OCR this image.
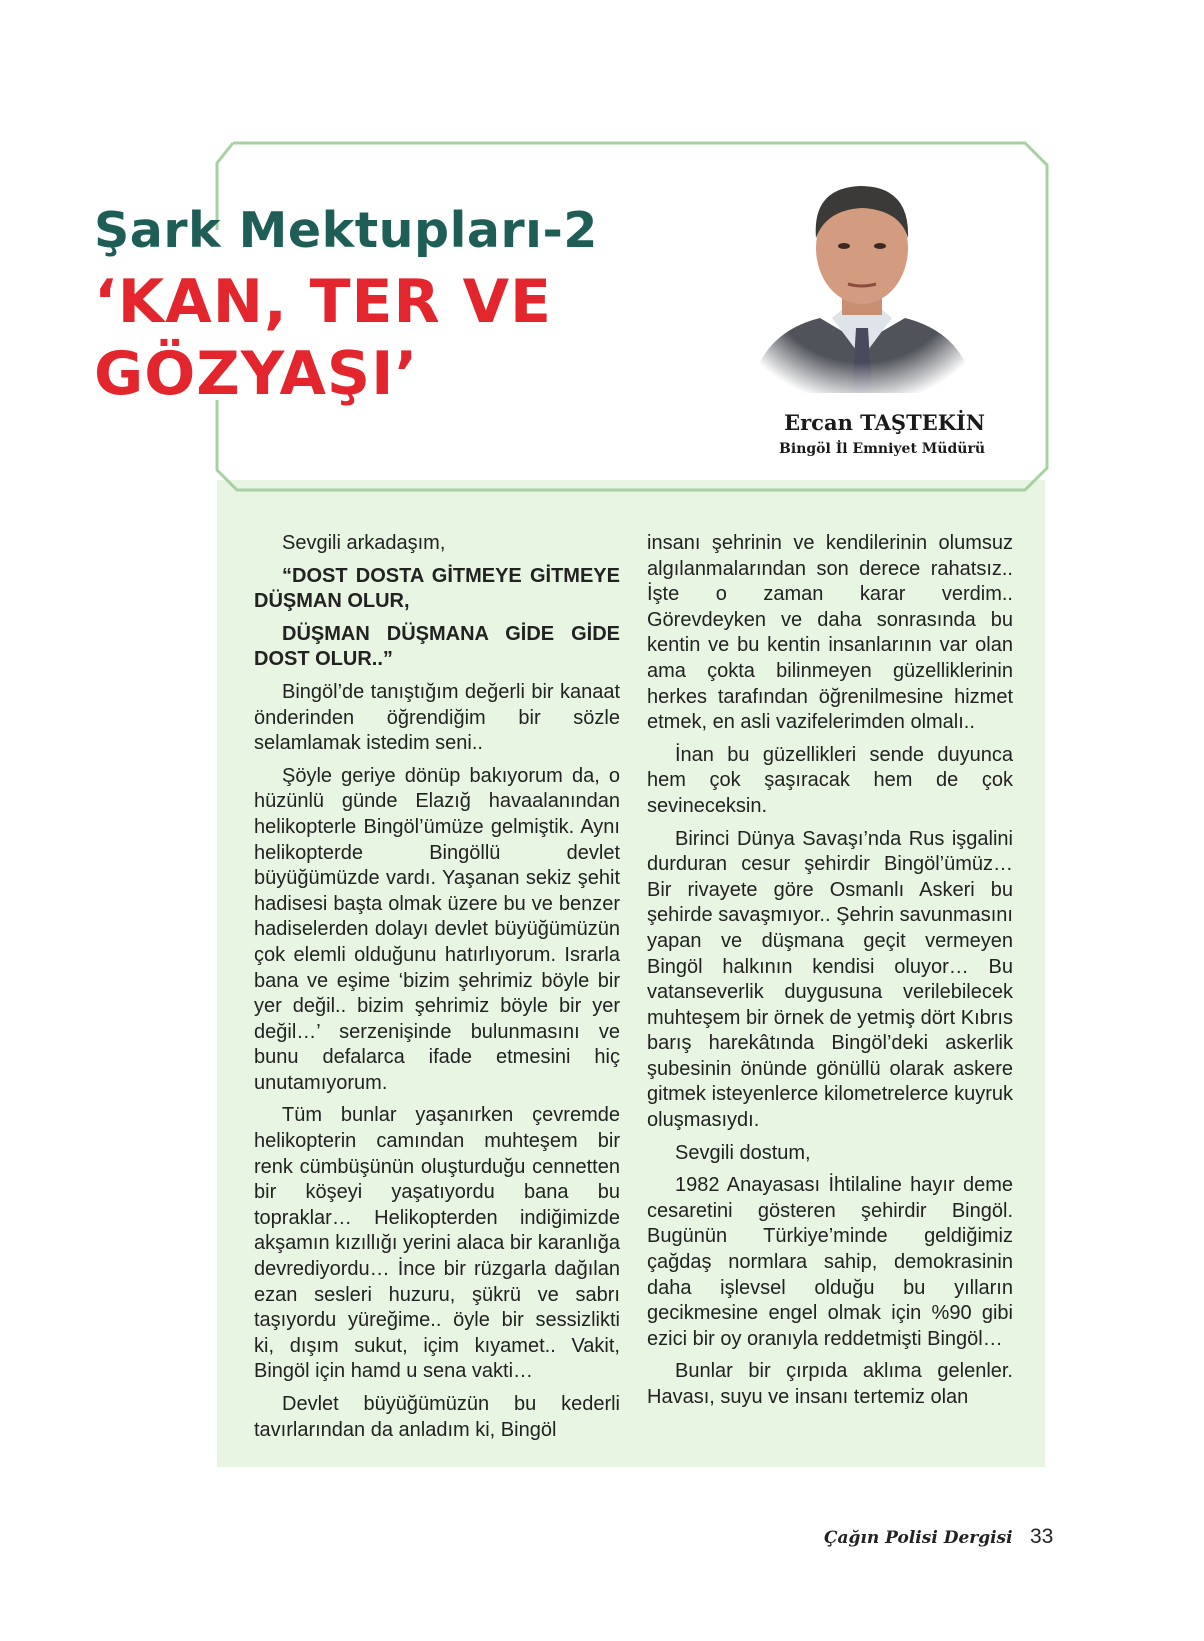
Şark Mektupları-2
‘KAN, TER VE GÖZYAŞI’
Ercan TAŞTEKİN
Bingöl İl Emniyet Müdürü

Sevgili arkadaşım,

“DOST DOSTA GİTMEYE GİTMEYE DÜŞMAN OLUR,

DÜŞMAN DÜŞMANA GİDE GİDE DOST OLUR..”

Bingöl’de tanıştığım değerli bir kanaat önderinden öğrendiğim bir sözle selamlamak istedim seni..

Şöyle geriye dönüp bakıyorum da, o hüzünlü günde Elazığ havaalanından helikopterle Bingöl’ümüze gelmiştik. Aynı helikopterde Bingöllü devlet büyüğümüzde vardı. Yaşanan sekiz şehit hadisesi başta olmak üzere bu ve benzer hadiselerden dolayı devlet büyüğümüzün çok elemli olduğunu hatırlıyorum. Israrla bana ve eşime ‘bizim şehrimiz böyle bir yer değil.. bizim şehrimiz böyle bir yer değil…’ serzenişinde bulunmasını ve bunu defalarca ifade etmesini hiç unutamıyorum.

Tüm bunlar yaşanırken çevremde helikopterin camından muhteşem bir renk cümbüşünün oluşturduğu cennetten bir köşeyi yaşatıyordu bana bu topraklar… Helikopterden indiğimizde akşamın kızıllığı yerini alaca bir karanlığa devrediyordu… İnce bir rüzgarla dağılan ezan sesleri huzuru, şükrü ve sabrı taşıyordu yüreğime.. öyle bir sessizlikti ki, dışım sukut, içim kıyamet.. Vakit, Bingöl için hamd u sena vakti…

Devlet büyüğümüzün bu kederli tavırlarından da anladım ki, Bingöl

insanı şehrinin ve kendilerinin olumsuz algılanmalarından son derece rahatsız.. İşte o zaman karar verdim.. Görevdeyken ve daha sonrasında bu kentin ve bu kentin insanlarının var olan ama çokta bilinmeyen güzelliklerinin herkes tarafından öğrenilmesine hizmet etmek, en asli vazifelerimden olmalı..

İnan bu güzellikleri sende duyunca hem çok şaşıracak hem de çok sevineceksin.

Birinci Dünya Savaşı’nda Rus işgalini durduran cesur şehirdir Bingöl’ümüz… Bir rivayete göre Osmanlı Askeri bu şehirde savaşmıyor.. Şehrin savunmasını yapan ve düşmana geçit vermeyen Bingöl halkının kendisi oluyor… Bu vatanseverlik duygusuna verilebilecek muhteşem bir örnek de yetmiş dört Kıbrıs barış harekâtında Bingöl’deki askerlik şubesinin önünde gönüllü olarak askere gitmek isteyenlerce kilometrelerce kuyruk oluşmasıydı.

Sevgili dostum,

1982 Anayasası İhtilaline hayır deme cesaretini gösteren şehirdir Bingöl. Bugünün Türkiye’minde geldiğimiz çağdaş normlara sahip, demokrasinin daha işlevsel olduğu bu yılların gecikmesine engel olmak için %90 gibi ezici bir oy oranıyla reddetmişti Bingöl…

Bunlar bir çırpıda aklıma gelenler. Havası, suyu ve insanı tertemiz olan

Çağın Polisi Dergisi 33
